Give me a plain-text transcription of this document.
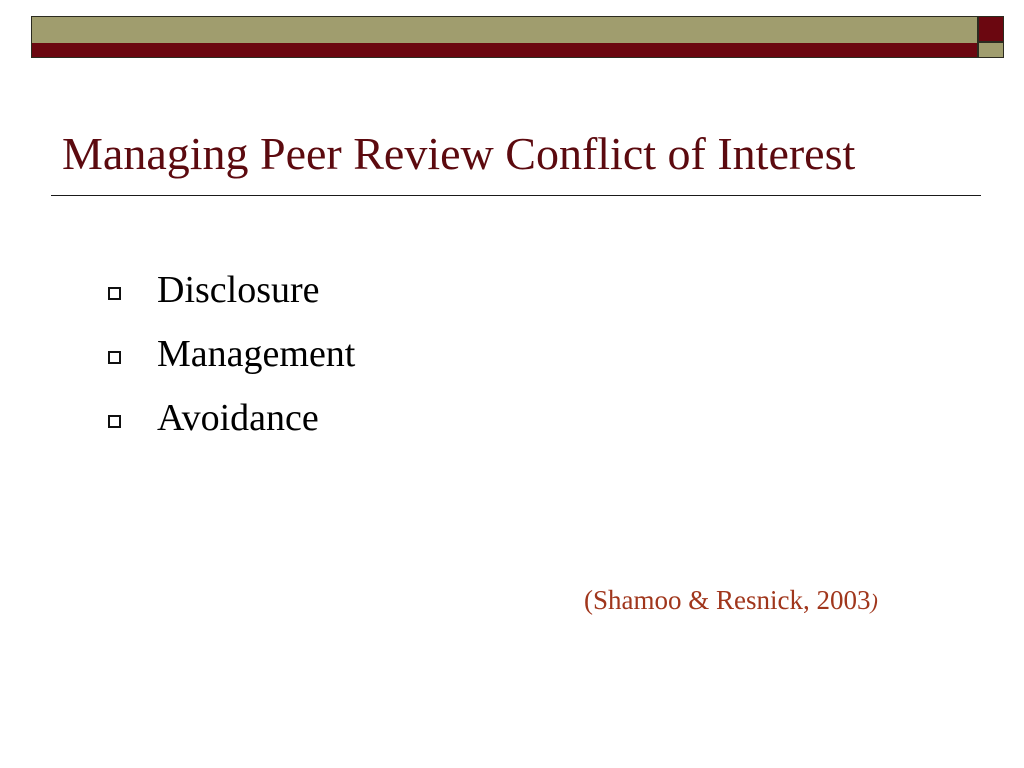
Managing Peer Review Conflict of Interest
Disclosure
Management
Avoidance
(Shamoo & Resnick, 2003)
